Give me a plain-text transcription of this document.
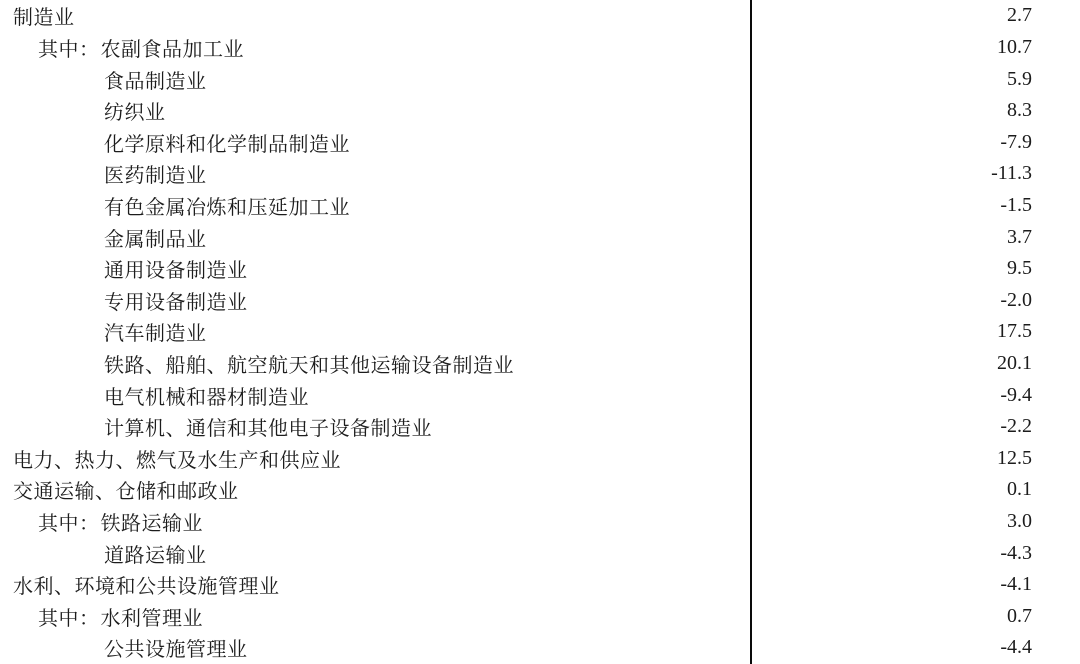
制造业	2.7
其中：农副食品加工业	10.7
食品制造业	5.9
纺织业	8.3
化学原料和化学制品制造业	-7.9
医药制造业	-11.3
有色金属冶炼和压延加工业	-1.5
金属制品业	3.7
通用设备制造业	9.5
专用设备制造业	-2.0
汽车制造业	17.5
铁路、船舶、航空航天和其他运输设备制造业	20.1
电气机械和器材制造业	-9.4
计算机、通信和其他电子设备制造业	-2.2
电力、热力、燃气及水生产和供应业	12.5
交通运输、仓储和邮政业	0.1
其中：铁路运输业	3.0
道路运输业	-4.3
水利、环境和公共设施管理业	-4.1
其中：水利管理业	0.7
公共设施管理业	-4.4
